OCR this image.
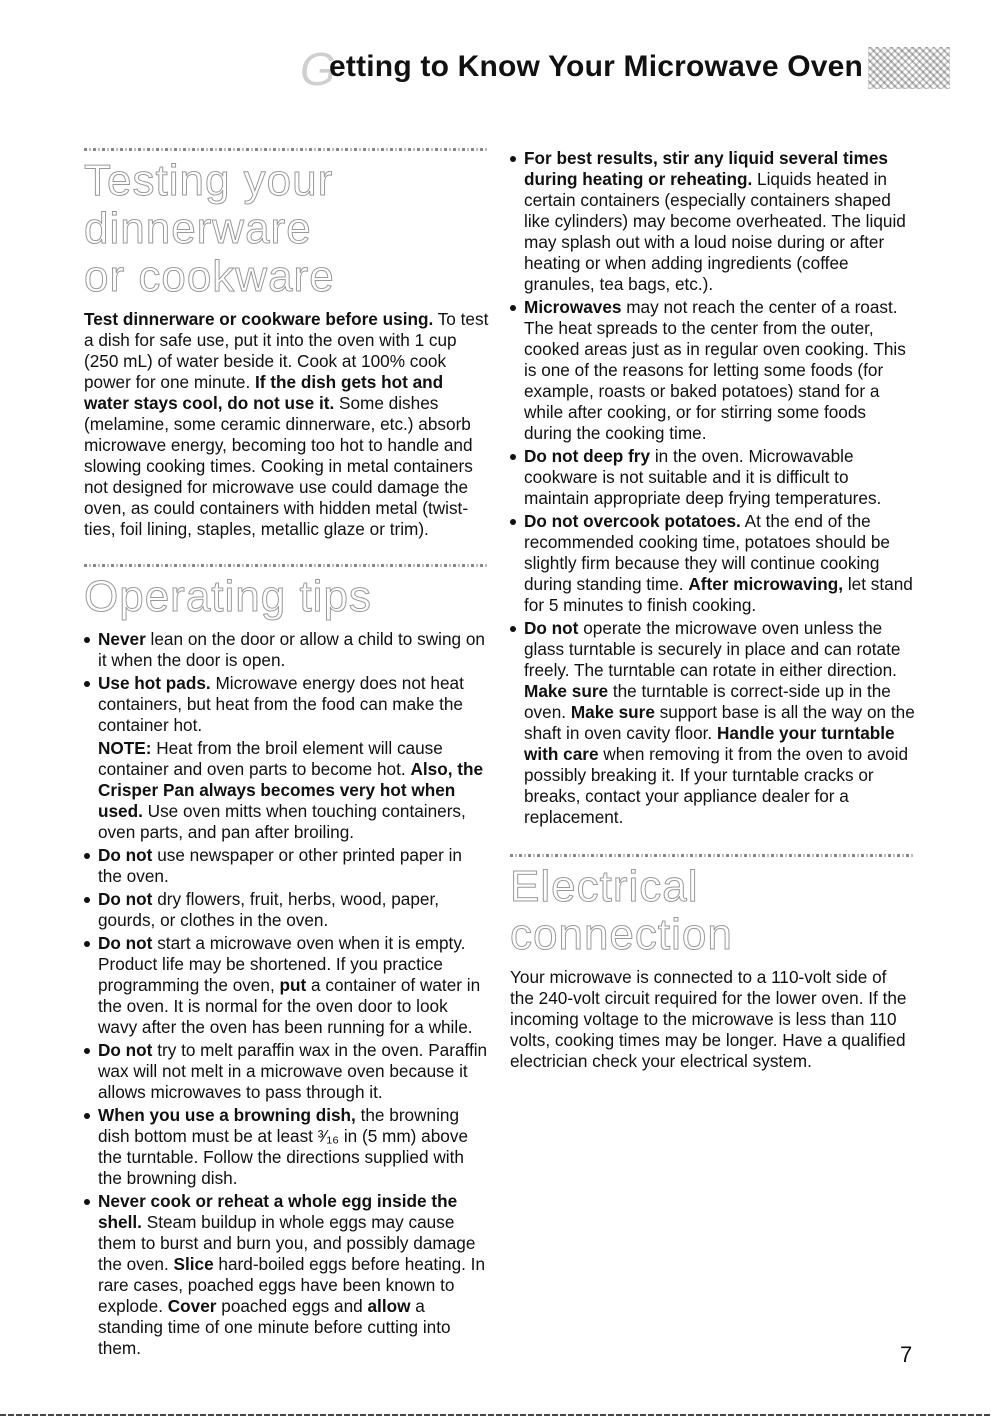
G
etting to Know Your Microwave Oven
Testing your dinnerware
or cookware

Test dinnerware or cookware before using. To test a dish for safe use, put it into the oven with 1 cup (250 mL) of water beside it. Cook at 100% cook power for one minute. If the dish gets hot and water stays cool, do not use it. Some dishes (melamine, some ceramic dinnerware, etc.) absorb microwave energy, becoming too hot to handle and slowing cooking times. Cooking in metal containers not designed for microwave use could damage the oven, as could containers with hidden metal (twist-ties, foil lining, staples, metallic glaze or trim).

Operating tips
Never lean on the door or allow a child to swing on it when the door is open.
Use hot pads. Microwave energy does not heat containers, but heat from the food can make the container hot.
NOTE: Heat from the broil element will cause container and oven parts to become hot. Also, the Crisper Pan always becomes very hot when used. Use oven mitts when touching containers, oven parts, and pan after broiling.
Do not use newspaper or other printed paper in the oven.
Do not dry flowers, fruit, herbs, wood, paper, gourds, or clothes in the oven.
Do not start a microwave oven when it is empty. Product life may be shortened. If you practice programming the oven, put a container of water in the oven. It is normal for the oven door to look wavy after the oven has been running for a while.
Do not try to melt paraffin wax in the oven. Paraffin wax will not melt in a microwave oven because it allows microwaves to pass through it.
When you use a browning dish, the browning dish bottom must be at least ³⁄₁₆ in (5 mm) above the turntable. Follow the directions supplied with the browning dish.
Never cook or reheat a whole egg inside the shell. Steam buildup in whole eggs may cause them to burst and burn you, and possibly damage the oven. Slice hard-boiled eggs before heating. In rare cases, poached eggs have been known to explode. Cover poached eggs and allow a standing time of one minute before cutting into them.
For best results, stir any liquid several times during heating or reheating. Liquids heated in certain containers (especially containers shaped like cylinders) may become overheated. The liquid may splash out with a loud noise during or after heating or when adding ingredients (coffee granules, tea bags, etc.).
Microwaves may not reach the center of a roast. The heat spreads to the center from the outer, cooked areas just as in regular oven cooking. This is one of the reasons for letting some foods (for example, roasts or baked potatoes) stand for a while after cooking, or for stirring some foods during the cooking time.
Do not deep fry in the oven. Microwavable cookware is not suitable and it is difficult to maintain appropriate deep frying temperatures.
Do not overcook potatoes. At the end of the recommended cooking time, potatoes should be slightly firm because they will continue cooking during standing time. After microwaving, let stand for 5 minutes to finish cooking.
Do not operate the microwave oven unless the glass turntable is securely in place and can rotate freely. The turntable can rotate in either direction. Make sure the turntable is correct-side up in the oven. Make sure support base is all the way on the shaft in oven cavity floor. Handle your turntable with care when removing it from the oven to avoid possibly breaking it. If your turntable cracks or breaks, contact your appliance dealer for a replacement.
Electrical
connection

Your microwave is connected to a 110-volt side of the 240-volt circuit required for the lower oven. If the incoming voltage to the microwave is less than 110 volts, cooking times may be longer. Have a qualified electrician check your electrical system.

7
